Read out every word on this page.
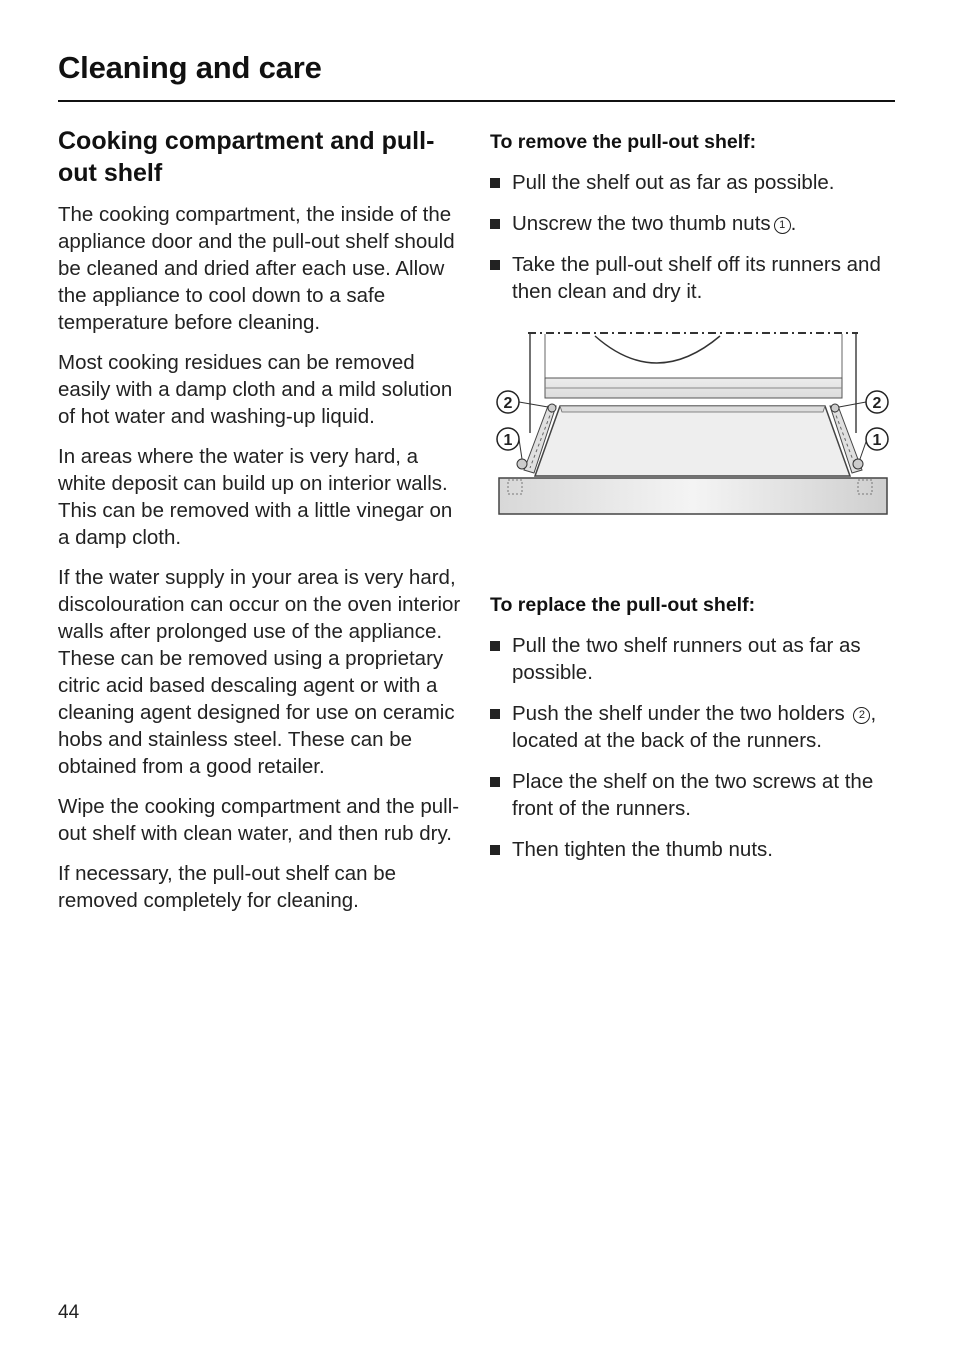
Cleaning and care
Cooking compartment and pull-out shelf

The cooking compartment, the inside of the appliance door and the pull-out shelf should be cleaned and dried after each use. Allow the appliance to cool down to a safe temperature before cleaning.

Most cooking residues can be removed easily with a damp cloth and a mild solution of hot water and washing-up liquid.

In areas where the water is very hard, a white deposit can build up on interior walls. This can be removed with a little vinegar on a damp cloth.

If the water supply in your area is very hard, discolouration can occur on the oven interior walls after prolonged use of the appliance. These can be removed using a proprietary citric acid based descaling agent or with a cleaning agent designed for use on ceramic hobs and stainless steel. These can be obtained from a good retailer.

Wipe the cooking compartment and the pull-out shelf with clean water, and then rub dry.

If necessary, the pull-out shelf can be removed completely for cleaning.

To remove the pull-out shelf:
Pull the shelf out as far as possible.
Unscrew the two thumb nuts 1 .
Take the pull-out shelf off its runners and then clean and dry it.
2
1
2
1
To replace the pull-out shelf:
Pull the two shelf runners out as far as possible.
Push the shelf under the two holders 2 , located at the back of the runners.
Place the shelf on the two screws at the front of the runners.
Then tighten the thumb nuts.
44
